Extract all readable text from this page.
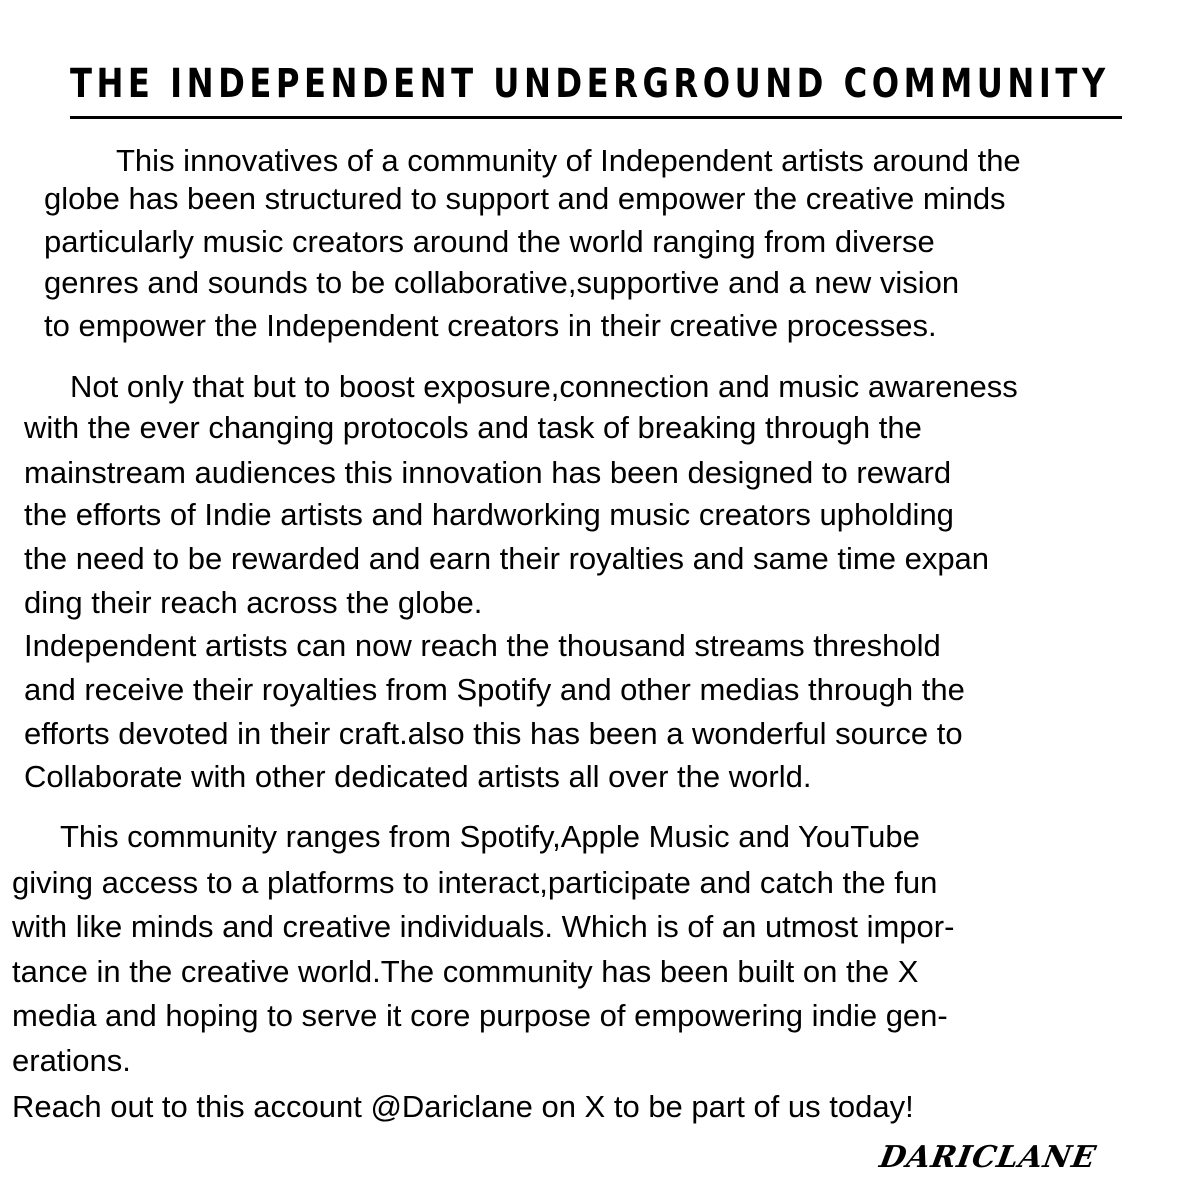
THE INDEPENDENT UNDERGROUND COMMUNITY
This innovatives of a community of Independent artists around the
globe has been structured to support and empower the creative minds
particularly music creators around the world ranging from diverse
genres and sounds to be collaborative,supportive and a new vision
to empower the Independent creators in their creative processes.
Not only that but to boost exposure,connection and music awareness
with the ever changing protocols and task of breaking through the
mainstream audiences this innovation has been designed to reward
the efforts of Indie artists and hardworking music creators upholding
the need to be rewarded and earn their royalties and same time expan
ding their reach across the globe.
Independent artists can now reach the thousand streams threshold
and receive their royalties from Spotify and other medias through the
efforts devoted in their craft.also this has been a wonderful source to
Collaborate with other dedicated artists all over the world.
This community ranges from Spotify,Apple Music and YouTube
giving access to a platforms to interact,participate and catch the fun
with like minds and creative individuals. Which is of an utmost impor-
tance in the creative world.The community has been built on the X
media and hoping to serve it core purpose of empowering indie gen-
erations.
Reach out to this account @Dariclane on X to be part of us today!
DARICLANE
